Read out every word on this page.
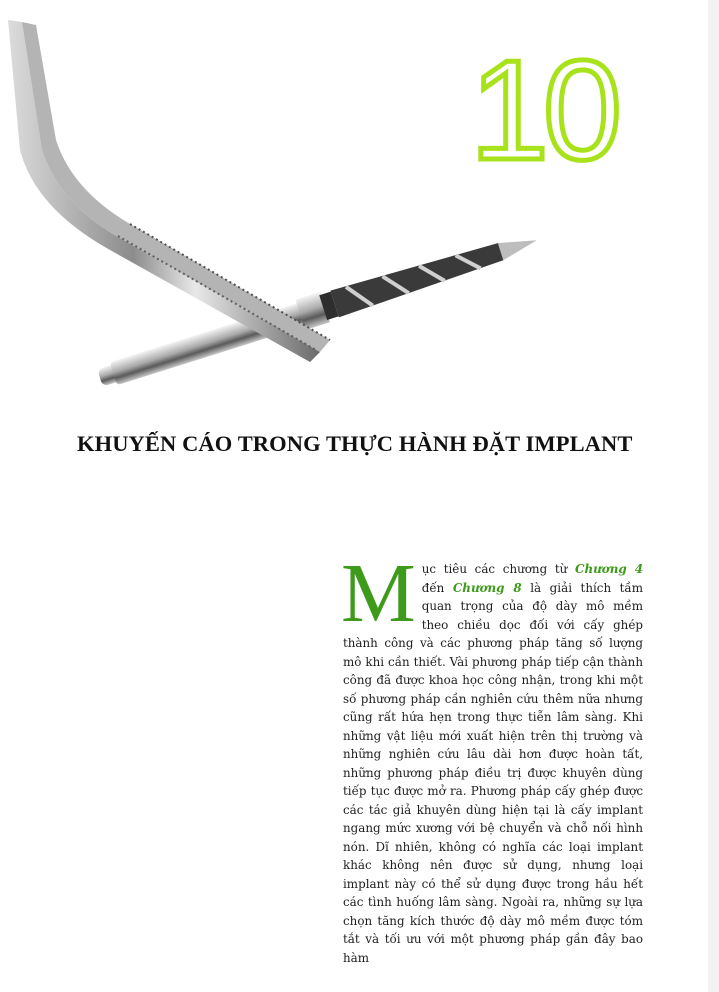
10
KHUYẾN CÁO TRONG THỰC HÀNH ĐẶT IMPLANT

Mục tiêu các chương từ Chương 4 đến Chương 8 là giải thích tầm quan trọng của độ dày mô mềm theo chiều dọc đối với cấy ghép thành công và các phương pháp tăng số lượng mô khi cần thiết. Vài phương pháp tiếp cận thành công đã được khoa học công nhận, trong khi một số phương pháp cần nghiên cứu thêm nữa nhưng cũng rất hứa hẹn trong thực tiễn lâm sàng. Khi những vật liệu mới xuất hiện trên thị trường và những nghiên cứu lâu dài hơn được hoàn tất, những phương pháp điều trị được khuyên dùng tiếp tục được mở ra. Phương pháp cấy ghép được các tác giả khuyên dùng hiện tại là cấy implant ngang mức xương với bệ chuyển và chỗ nối hình nón. Dĩ nhiên, không có nghĩa các loại implant khác không nên được sử dụng, nhưng loại implant này có thể sử dụng được trong hầu hết các tình huống lâm sàng. Ngoài ra, những sự lựa chọn tăng kích thước độ dày mô mềm được tóm tắt và tối ưu với một phương pháp gần đây bao hàm
